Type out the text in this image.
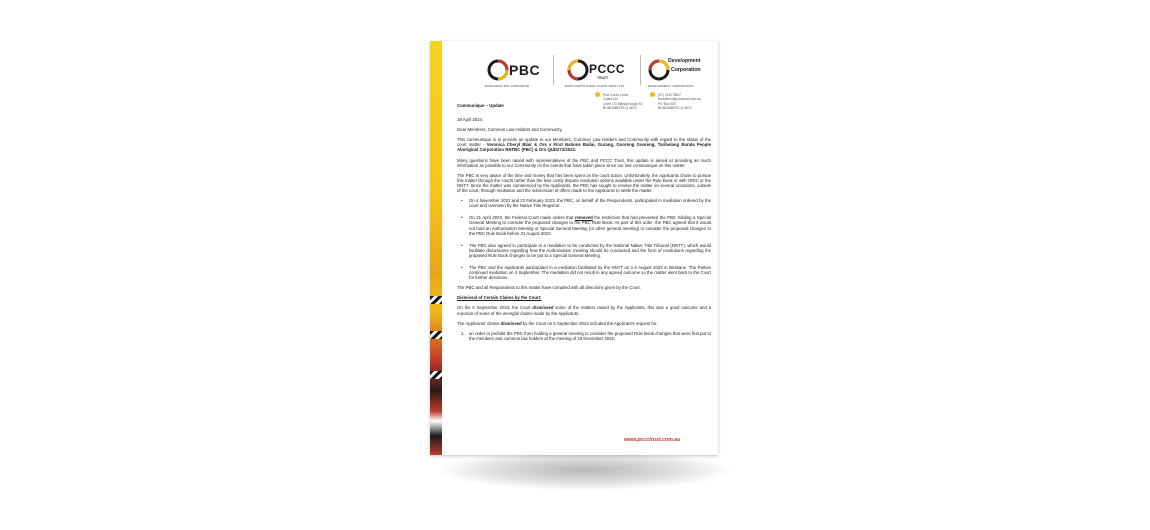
PBC
PORCHINGA BAY CORPORATE
PCCC
TRUST
PORT CURTIS CORAL COAST TRUST LTD
Development
Corporation
DEVELOPMENT CORPORATION
Port Curtis Coral
Coast Ltd
Level 1/3 Maryborough St
BUNDABERG Q 4670
(07) 4167 8837
reception@pccctrust.com.au
PO Box 537
BUNDABERG Q 4670

Communique – Update

18 April 2024

Dear Members, Common Law Holders and Community,

This communique is to provide an update to our Members, Common Law Holders and Community with regard to the status of the court matter - Veronica Cheryl Blair & Ors v First Nations Bailai, Gurang, Gooreng Gooreng, Taribelang Bunda People Aboriginal Corporation RNTBC (PBC) & Ors QUD273/2022.

Many questions have been raised with representatives of the PBC and PCCC Trust, this update is aimed at providing as much information as possible to our Community on the events that have taken place since our last communique on this matter.

The PBC is very aware of the time and money that has been spent on the court action. Unfortunately, the Applicants chose to pursue this matter through the courts rather than the less costly dispute resolution options available under the Rule Book or with ORIC or the NNTT. Since the matter was commenced by the Applicants, the PBC has sought to resolve the matter on several occasions, outside of the court, through mediation and the submission of offers made to the Applicants to settle the matter.

• On 4 November 2022 and 22 February 2023, the PBC, on behalf of the Respondents, participated in mediation ordered by the court and overseen by the Native Title Registrar.
• On 21 April 2023, the Federal Court made orders that removed the restriction that had prevented the PBC holding a Special General Meeting to consider the proposed changes to the PBC Rule Book. As part of this order, the PBC agreed that it would not hold an Authorisation Meeting or Special General Meeting (or other general meeting) to consider the proposed changes to the PBC Rule Book before 21 August 2023.
• The PBC also agreed to participate in a mediation to be conducted by the National Native Title Tribunal (NNTT), which would facilitate discussions regarding how the Authorisation meeting should be conducted and the form of resolutions regarding the proposed Rule Book changes to be put to a Special General Meeting.
• The PBC and the Applicants participated in a mediation facilitated by the NNTT on 1-2 August 2023 in Brisbane. The Parties continued mediation on 4 September. The mediation did not result in any agreed outcome so the matter went back to the Court for further directions.

The PBC and all Respondents to this matter have complied with all directions given by the Court.

Dismissal of Certain Claims by the Court:

On the 6 September 2023, the Court dismissed some of the matters raised by the Applicants, this was a good outcome and a rejection of some of the wrongful claims made by the Applicants.

The Applicants' claims dismissed by the Court on 6 September 2023 included the Applicant's request for:

1. an order to prohibit the PBC from holding a general meeting to consider the proposed Rule Book changes that were first put to the members and common law holders at the meeting of 18 December 2022;
www.pccctrust.com.au
